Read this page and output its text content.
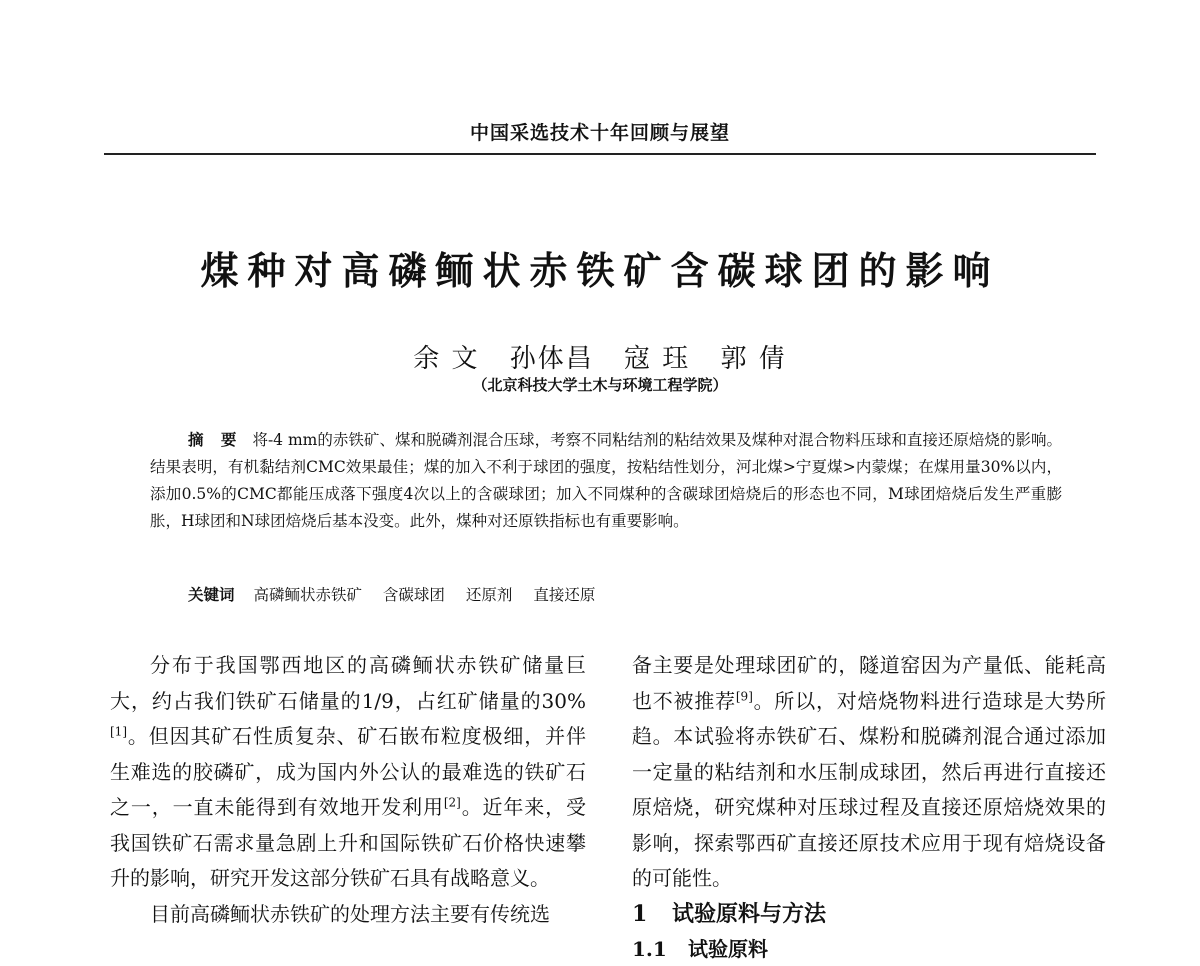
中国采选技术十年回顾与展望
煤种对高磷鲕状赤铁矿含碳球团的影响
余 文 孙体昌 寇 珏 郭 倩
（北京科技大学土木与环境工程学院）
摘 要 将-4 mm的赤铁矿、煤和脱磷剂混合压球，考察不同粘结剂的粘结效果及煤种对混合物料压球和直接还原焙烧的影响。结果表明，有机黏结剂CMC效果最佳；煤的加入不利于球团的强度，按粘结性划分，河北煤>宁夏煤>内蒙煤；在煤用量30%以内，添加0.5%的CMC都能压成落下强度4次以上的含碳球团；加入不同煤种的含碳球团焙烧后的形态也不同，M球团焙烧后发生严重膨胀，H球团和N球团焙烧后基本没变。此外，煤种对还原铁指标也有重要影响。
关键词 高磷鲕状赤铁矿 含碳球团 还原剂 直接还原

分布于我国鄂西地区的高磷鲕状赤铁矿储量巨大，约占我们铁矿石储量的1/9，占红矿储量的30%[1]。但因其矿石性质复杂、矿石嵌布粒度极细，并伴生难选的胶磷矿，成为国内外公认的最难选的铁矿石之一，一直未能得到有效地开发利用[2]。近年来，受我国铁矿石需求量急剧上升和国际铁矿石价格快速攀升的影响，研究开发这部分铁矿石具有战略意义。

目前高磷鲕状赤铁矿的处理方法主要有传统选

备主要是处理球团矿的，隧道窑因为产量低、能耗高也不被推荐[9]。所以，对焙烧物料进行造球是大势所趋。本试验将赤铁矿石、煤粉和脱磷剂混合通过添加一定量的粘结剂和水压制成球团，然后再进行直接还原焙烧，研究煤种对压球过程及直接还原焙烧效果的影响，探索鄂西矿直接还原技术应用于现有焙烧设备的可能性。

1 试验原料与方法

1.1 试验原料
